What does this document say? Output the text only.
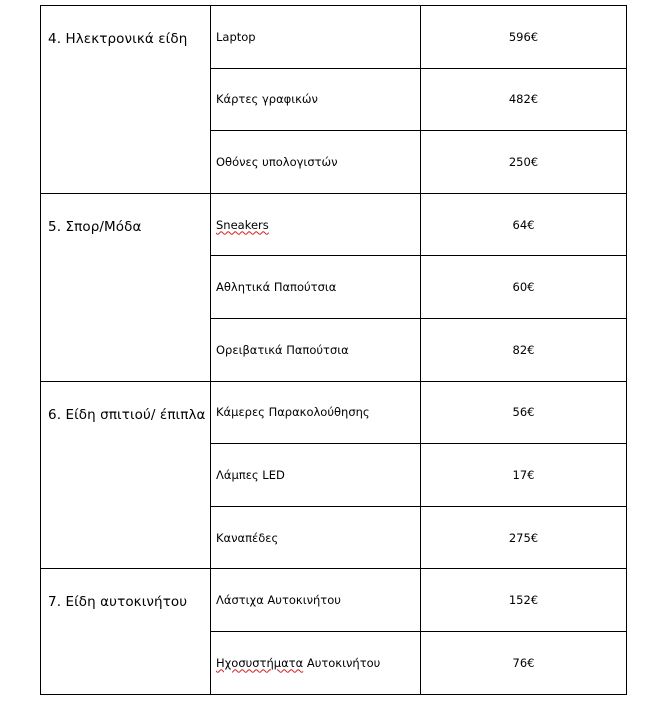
4. Ηλεκτρονικά είδη	Laptop	596€
	Κάρτες γραφικών	482€
	Οθόνες υπολογιστών	250€
5. Σπορ/Μόδα	Sneakers	64€
	Αθλητικά Παπούτσια	60€
	Ορειβατικά Παπούτσια	82€
6. Είδη σπιτιού/ έπιπλα	Κάμερες Παρακολούθησης	56€
	Λάμπες LED	17€
	Καναπέδες	275€
7. Είδη αυτοκινήτου	Λάστιχα Αυτοκινήτου	152€
	Ηχοσυστήματα Αυτοκινήτου	76€
